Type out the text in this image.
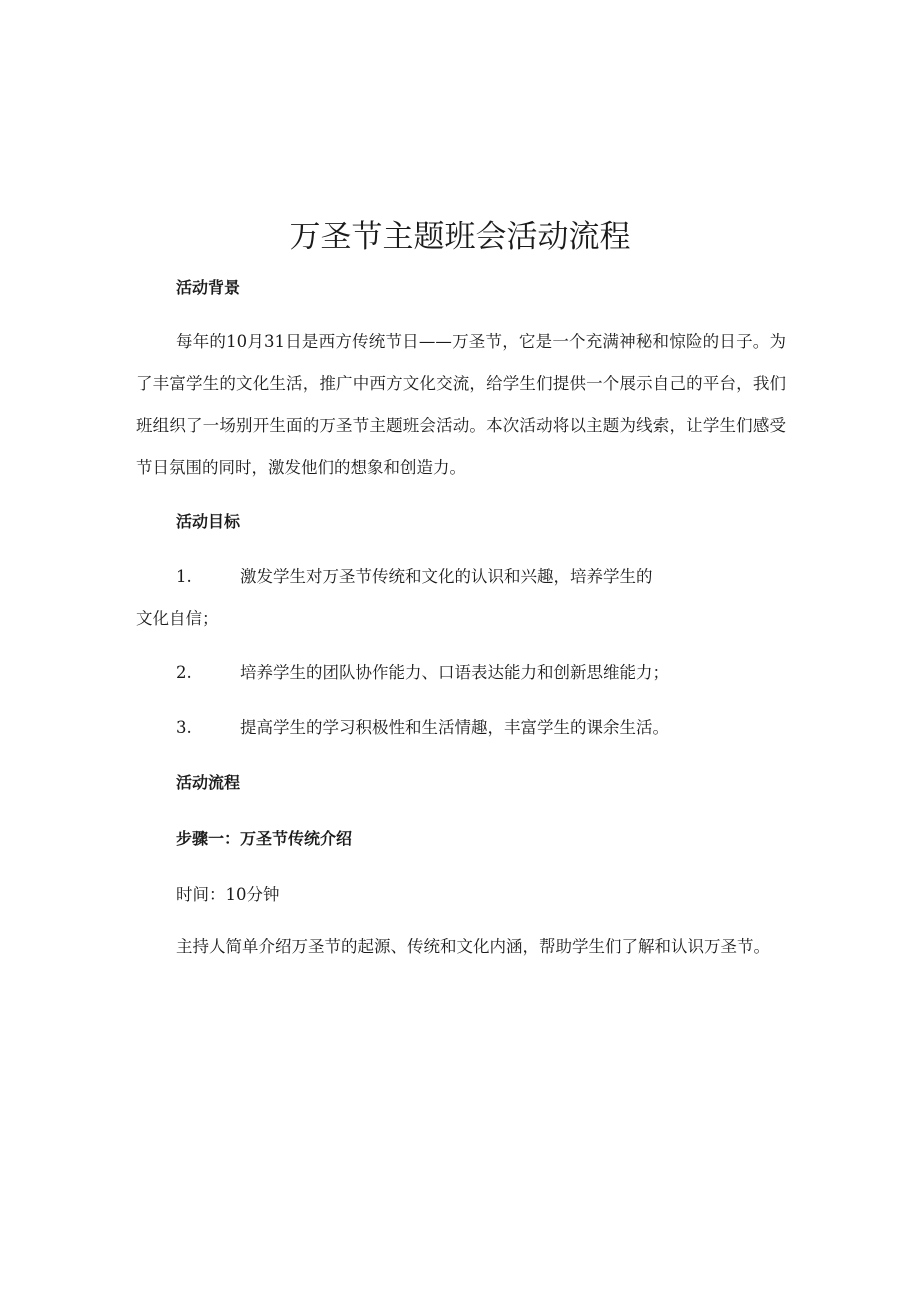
万圣节主题班会活动流程
活动背景

每年的10月31日是西方传统节日——万圣节，它是一个充满神秘和惊险的日子。为了丰富学生的文化生活，推广中西方文化交流，给学生们提供一个展示自己的平台，我们班组织了一场别开生面的万圣节主题班会活动。本次活动将以主题为线索，让学生们感受节日氛围的同时，激发他们的想象和创造力。

活动目标
1.	激发学生对万圣节传统和文化的认识和兴趣，培养学生的
文化自信；
2.	培养学生的团队协作能力、口语表达能力和创新思维能力；
3.	提高学生的学习积极性和生活情趣，丰富学生的课余生活。
活动流程
步骤一：万圣节传统介绍

时间：10分钟

主持人简单介绍万圣节的起源、传统和文化内涵，帮助学生们了解和认识万圣节。
